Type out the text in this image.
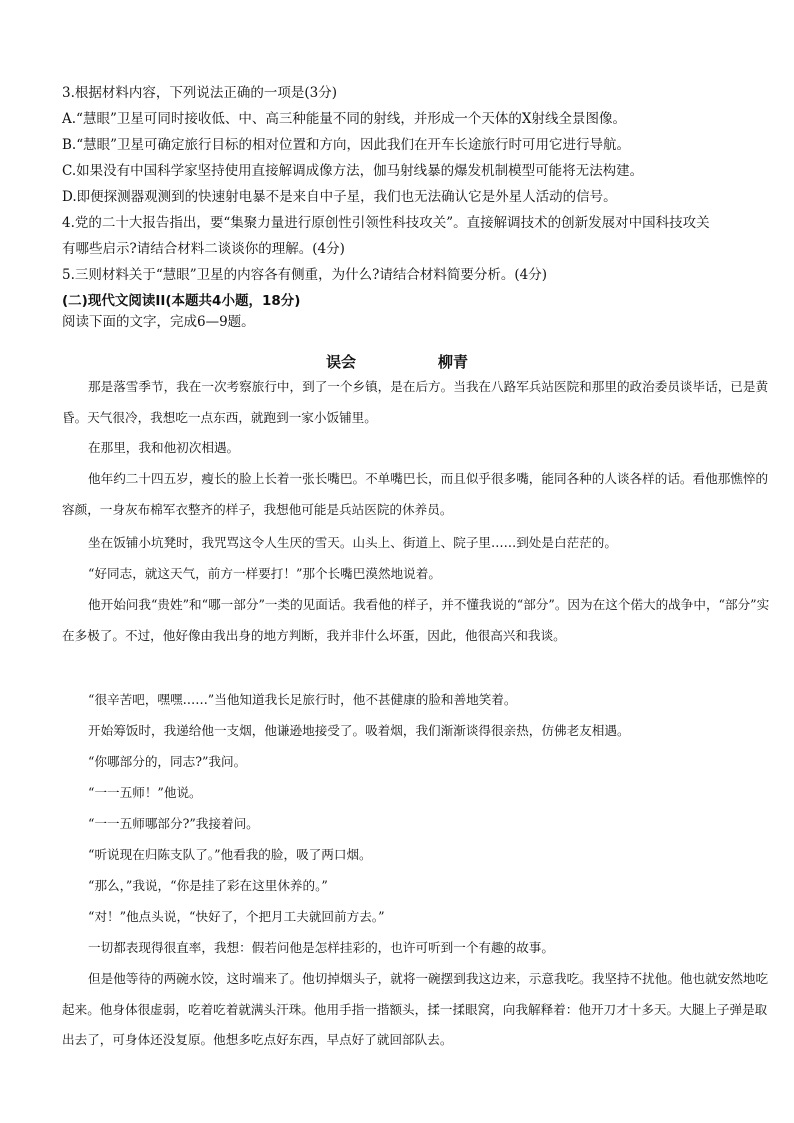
3.根据材料内容，下列说法正确的一项是(3分)
A.“慧眼”卫星可同时接收低、中、高三种能量不同的射线，并形成一个天体的X射线全景图像。
B.“慧眼”卫星可确定旅行目标的相对位置和方向，因此我们在开车长途旅行时可用它进行导航。
C.如果没有中国科学家坚持使用直接解调成像方法，伽马射线暴的爆发机制模型可能将无法构建。
D.即便探测器观测到的快速射电暴不是来自中子星，我们也无法确认它是外星人活动的信号。
4.党的二十大报告指出，要“集聚力量进行原创性引领性科技攻关”。直接解调技术的创新发展对中国科技攻关
有哪些启示?请结合材料二谈谈你的理解。(4分)
5.三则材料关于“慧眼”卫星的内容各有侧重，为什么?请结合材料简要分析。(4分)
(二)现代文阅读II(本题共4小题，18分)
阅读下面的文字，完成6—9题。
误会	柳青
那是落雪季节，我在一次考察旅行中，到了一个乡镇，是在后方。当我在八路军兵站医院和那里的政治委员谈毕话，已是黄昏。天气很冷，我想吃一点东西，就跑到一家小饭铺里。
在那里，我和他初次相遇。
他年约二十四五岁，瘦长的脸上长着一张长嘴巴。不单嘴巴长，而且似乎很多嘴，能同各种的人谈各样的话。看他那憔悴的容颜，一身灰布棉军衣整齐的样子，我想他可能是兵站医院的休养员。
坐在饭铺小坑凳时，我咒骂这令人生厌的雪天。山头上、街道上、院子里……到处是白茫茫的。
“好同志，就这天气，前方一样要打！”那个长嘴巴漠然地说着。
他开始问我“贵姓”和“哪一部分”一类的见面话。我看他的样子，并不懂我说的“部分”。因为在这个偌大的战争中，“部分”实在多极了。不过，他好像由我出身的地方判断，我并非什么坏蛋，因此，他很高兴和我谈。
“很辛苦吧，嘿嘿……”当他知道我长足旅行时，他不甚健康的脸和善地笑着。
开始筹饭时，我递给他一支烟，他谦逊地接受了。吸着烟，我们渐渐谈得很亲热，仿佛老友相遇。
“你哪部分的，同志?”我问。
“一一五师！”他说。
“一一五师哪部分?”我接着问。
“听说现在归陈支队了。”他看我的脸，吸了两口烟。
“那么，”我说，“你是挂了彩在这里休养的。”
“对！”他点头说，“快好了，个把月工夫就回前方去。”
一切都表现得很直率，我想：假若问他是怎样挂彩的，也许可听到一个有趣的故事。
但是他等待的两碗水饺，这时端来了。他切掉烟头子，就将一碗摆到我这边来，示意我吃。我坚持不扰他。他也就安然地吃起来。他身体很虚弱，吃着吃着就满头汗珠。他用手指一揩额头，揉一揉眼窝，向我解释着：他开刀才十多天。大腿上子弹是取出去了，可身体还没复原。他想多吃点好东西，早点好了就回部队去。
